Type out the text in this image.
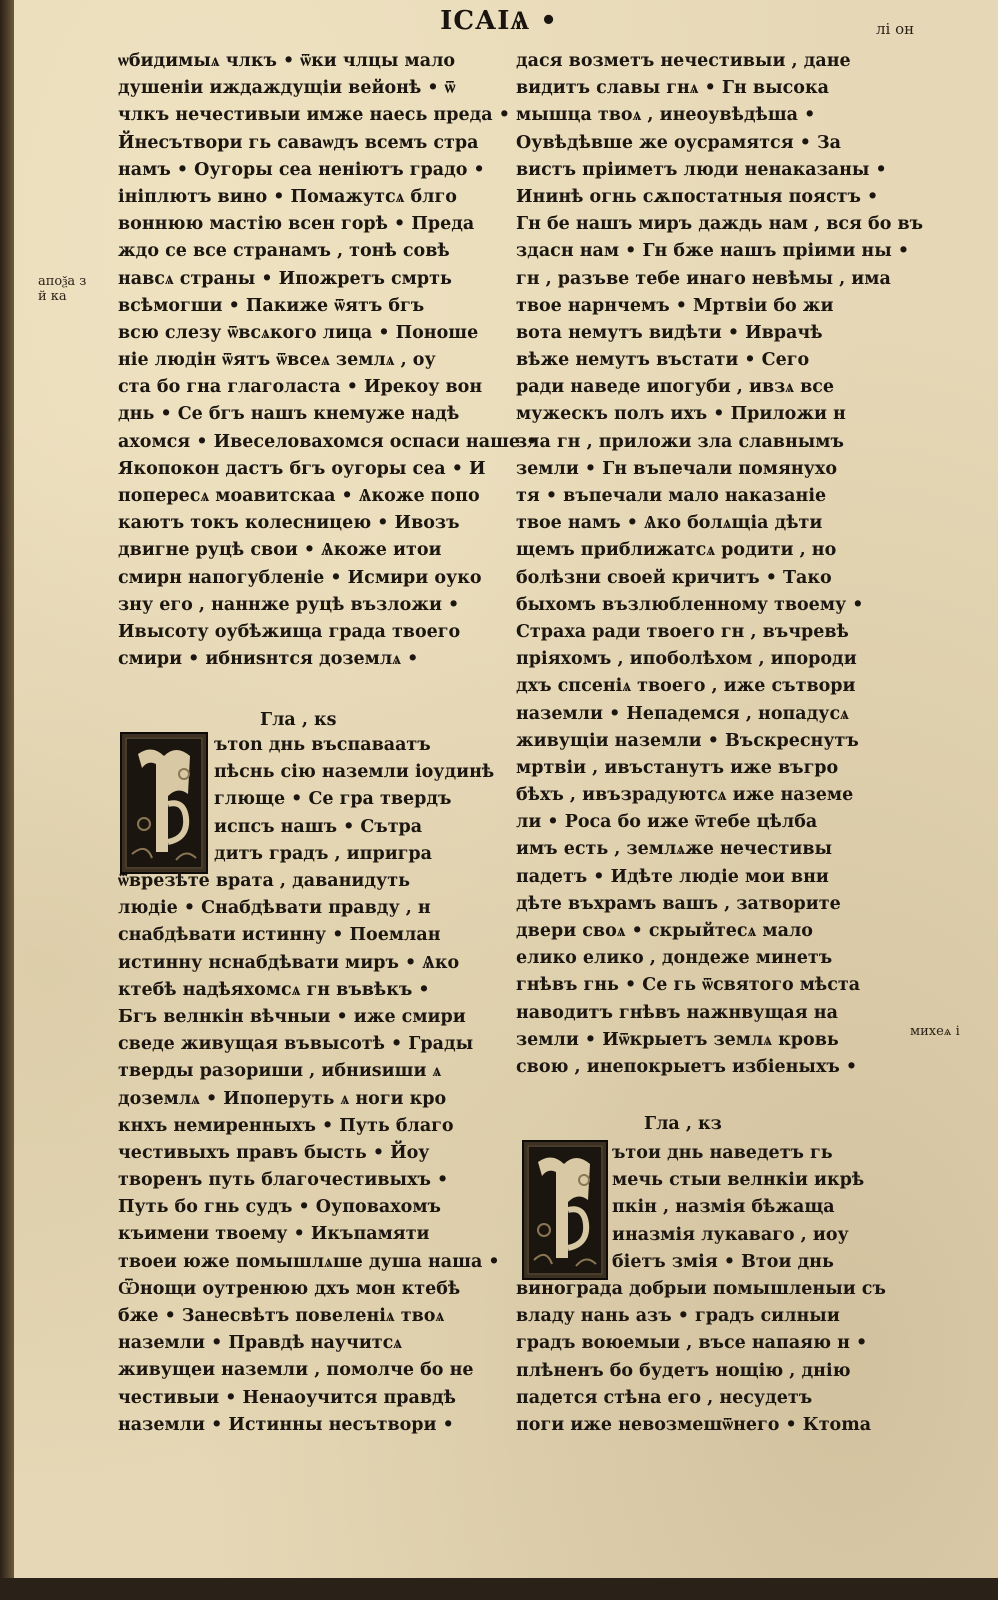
ІСАІѦ •	лі он
апоѯа з
й ка
михеѧ і
ѡбидимыѧ члкъ • ѿки члцы мало
душеніи иждаждущіи вейонѣ • ѿ
члкъ нечестивыи имже наесь преда •
Йнесътвори гь саваѡдъ всемъ стра
намъ • Оугоры сеа неніютъ градо •
ініплютъ вино • Помажутсѧ блго
воннюю мастію всен горѣ • Преда
ждо се все странамъ , тонѣ совѣ
навсѧ страны • Ипожретъ смрть
всѣмогши • Пакиже ѿятъ бгъ
всю слезу ѿвсѧкого лица • Поноше
ніе людін ѿятъ ѿвсеѧ землѧ , оу
ста бо гна глаголаста • Ирекоу вон
днь • Се бгъ нашъ кнемуже надѣ
ахомся • Ивеселовахомся оспаси наше •
Якопокон дастъ бгъ оугоры сеа • И
попересѧ моавитскаа • Ѧкоже попо
каютъ токъ колесницею • Ивозъ
двигне руцѣ свои • Ѧкоже итои
смирн напогубленіе • Исмири оуко
зну его , наннже руцѣ възложи •
Ивысоту оубѣжища града твоего
смири • ибниѕнтся доземлѧ •
Гла , кѕ
ътоn днь въспаваатъ
пѣснь сію наземли іоудинѣ
глюще • Се гра твердъ
испсъ нашъ • Сътра
дитъ градъ , ипригра
ѿврезѣте врата , даванидуть
людіе • Снабдѣвати правду , н
снабдѣвати истинну • Поемлан
истинну нснабдѣвати миръ • Ѧко
ктебѣ надѣяхомсѧ гн въвѣкъ •
Бгъ велнкін вѣчныи • иже смири
сведе живущая въвысотѣ • Грады
тверды разориши , ибниѕиши ѧ
доземлѧ • Ипоперуть ѧ ноги кро
кнхъ немиренныхъ • Путь благо
честивыхъ правъ бысть • Йоу
творенъ путь благочестивыхъ •
Путь бо гнь судъ • Оуповахомъ
къимени твоему • Икъпамяти
твоеи юже помышлѧше душа наша •
Ѿнощи оутренюю дхъ мон ктебѣ
бже • Занесвѣтъ повеленіѧ твоѧ
наземли • Правдѣ научитсѧ
живущеи наземли , помолче бо не
честивыи • Ненаоучится правдѣ
наземли • Истинны несътвори •
дася возметъ нечестивыи , дане
видитъ славы гнѧ • Гн высока
мышца твоѧ , инеоувѣдѣша •
Оувѣдѣвше же оусрамятся • За
вистъ пріиметъ люди ненаказаны •
Ининѣ огнь сѫпостатныя поястъ •
Гн бе нашъ миръ даждь нам , вся бо въ
здасн нам • Гн бже нашъ пріими ны •
гн , разъве тебе инаго невѣмы , има
твое нарнчемъ • Мртвіи бо жи
вота немутъ видѣти • Иврачѣ
вѣже немутъ въстати • Сего
ради наведе ипогуби , ивзѧ все
мужескъ полъ ихъ • Приложи н
зла гн , приложи зла славнымъ
земли • Гн въпечали помянухо
тя • въпечали мало наказаніе
твое намъ • Ѧко болѧщіа дѣти
щемъ приближатсѧ родити , но
болѣзни своей кричитъ • Тако
быхомъ възлюбленному твоему •
Страха ради твоего гн , въчревѣ
пріяхомъ , ипоболѣхом , ипороди
дхъ спсеніѧ твоего , иже сътвори
наземли • Непадемся , нопадусѧ
живущіи наземли • Въскреснутъ
мртвіи , ивъстанутъ иже въгро
бѣхъ , ивъзрадуютсѧ иже наземе
ли • Роса бо иже ѿтебе цѣлбa
имъ есть , землѧже нечестивы
падетъ • Идѣте людіе мои вни
дѣте въхрамъ вашъ , затворите
двери своѧ • скрыйтесѧ мало
елико елико , дондеже минетъ
гнѣвъ гнь • Се гь ѿсвятого мѣста
наводитъ гнѣвъ нажнвущая на
земли • Иѿкрыетъ землѧ кровь
свою , инепокрыетъ избіеныхъ •
Гла , кз
ътои днь наведетъ гь
мечь стыи велнкіи икрѣ
пкін , назмія бѣжаща
иназмія лукаваго , иоу
біетъ змія • Втои днь
винограда добрыи помышленыи съ
владу нань азъ • градъ силныи
градъ воюемыи , въсе напаяю н •
плѣненъ бо будетъ нощію , днію
падется стѣна его , несудетъ
поги иже невозмешѿнего • Ктоmа
